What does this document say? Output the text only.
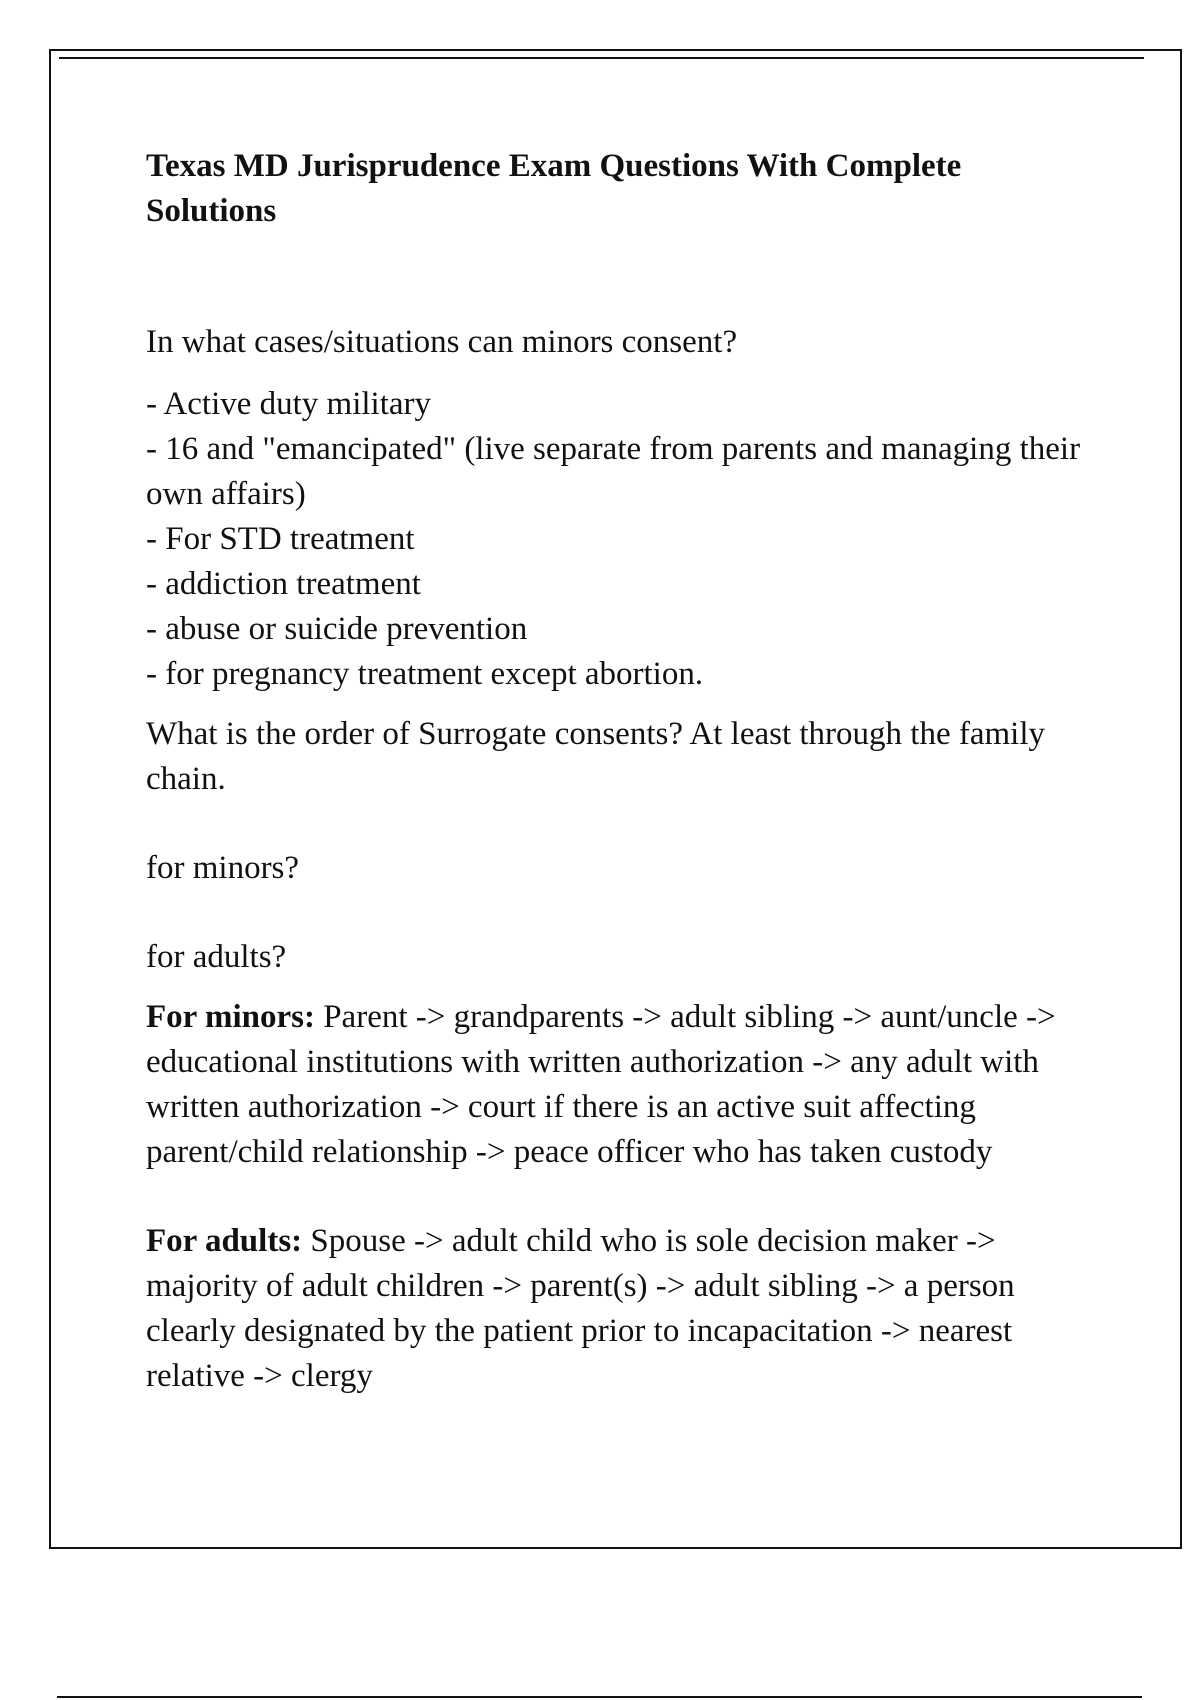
Texas MD Jurisprudence Exam Questions With Complete Solutions

In what cases/situations can minors consent?

- Active duty military
- 16 and "emancipated" (live separate from parents and managing their own affairs)
- For STD treatment
- addiction treatment
- abuse or suicide prevention
- for pregnancy treatment except abortion.

What is the order of Surrogate consents? At least through the family chain.

for minors?

for adults?

For minors: Parent -> grandparents -> adult sibling -> aunt/uncle -> educational institutions with written authorization -> any adult with written authorization -> court if there is an active suit affecting parent/child relationship -> peace officer who has taken custody

For adults: Spouse -> adult child who is sole decision maker -> majority of adult children -> parent(s) -> adult sibling -> a person clearly designated by the patient prior to incapacitation -> nearest relative -> clergy
